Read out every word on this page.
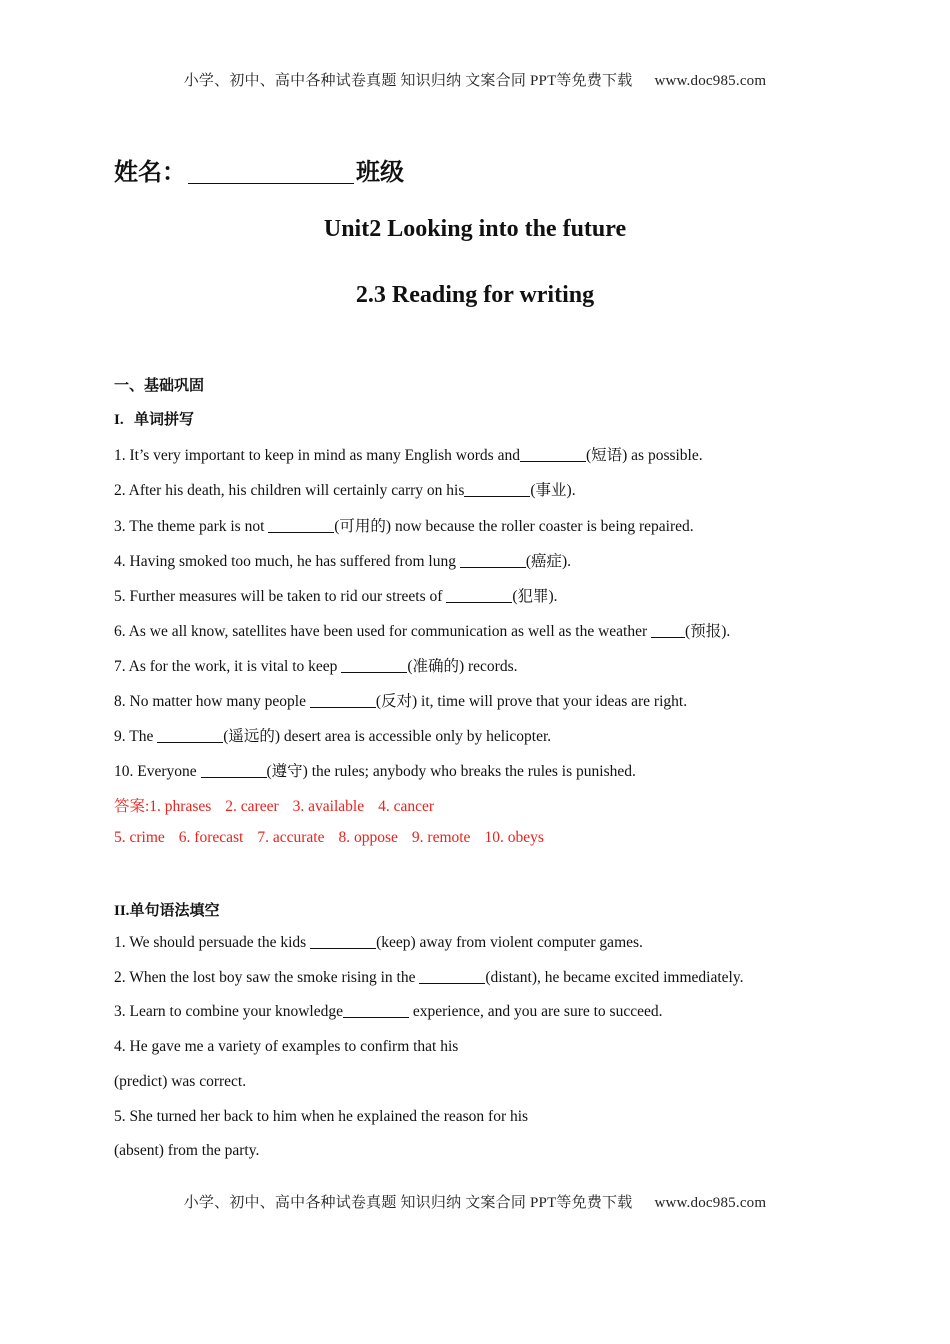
小学、初中、高中各种试卷真题 知识归纳 文案合同 PPT等免费下载 www.doc985.com
姓名：	班级
Unit2 Looking into the future
2.3 Reading for writing
一、基础巩固
I. 单词拼写
1. It’s very important to keep in mind as many English words and	(短语) as possible.
2. After his death, his children will certainly carry on his	(事业).
3. The theme park is not	(可用的) now because the roller coaster is being repaired.
4. Having smoked too much, he has suffered from lung	(癌症).
5. Further measures will be taken to rid our streets of	(犯罪).
6. As we all know, satellites have been used for communication as well as the weather (预报).
7. As for the work, it is vital to keep	(准确的) records.
8. No matter how many people	(反对) it, time will prove that your ideas are right.
9. The	(遥远的) desert area is accessible only by helicopter.
10. Everyone	(遵守) the rules; anybody who breaks the rules is punished.
答案:1. phrases 2. career 3. available 4. cancer
5. crime 6. forecast 7. accurate 8. oppose 9. remote 10. obeys
II.单句语法填空
1. We should persuade the kids	(keep) away from violent computer games.
2. When the lost boy saw the smoke rising in the	(distant), he became excited immediately.
3. Learn to combine your knowledge	experience, and you are sure to succeed.
4. He gave me a variety of examples to confirm that his
(predict) was correct.
5. She turned her back to him when he explained the reason for his
(absent) from the party.
小学、初中、高中各种试卷真题 知识归纳 文案合同 PPT等免费下载 www.doc985.com
